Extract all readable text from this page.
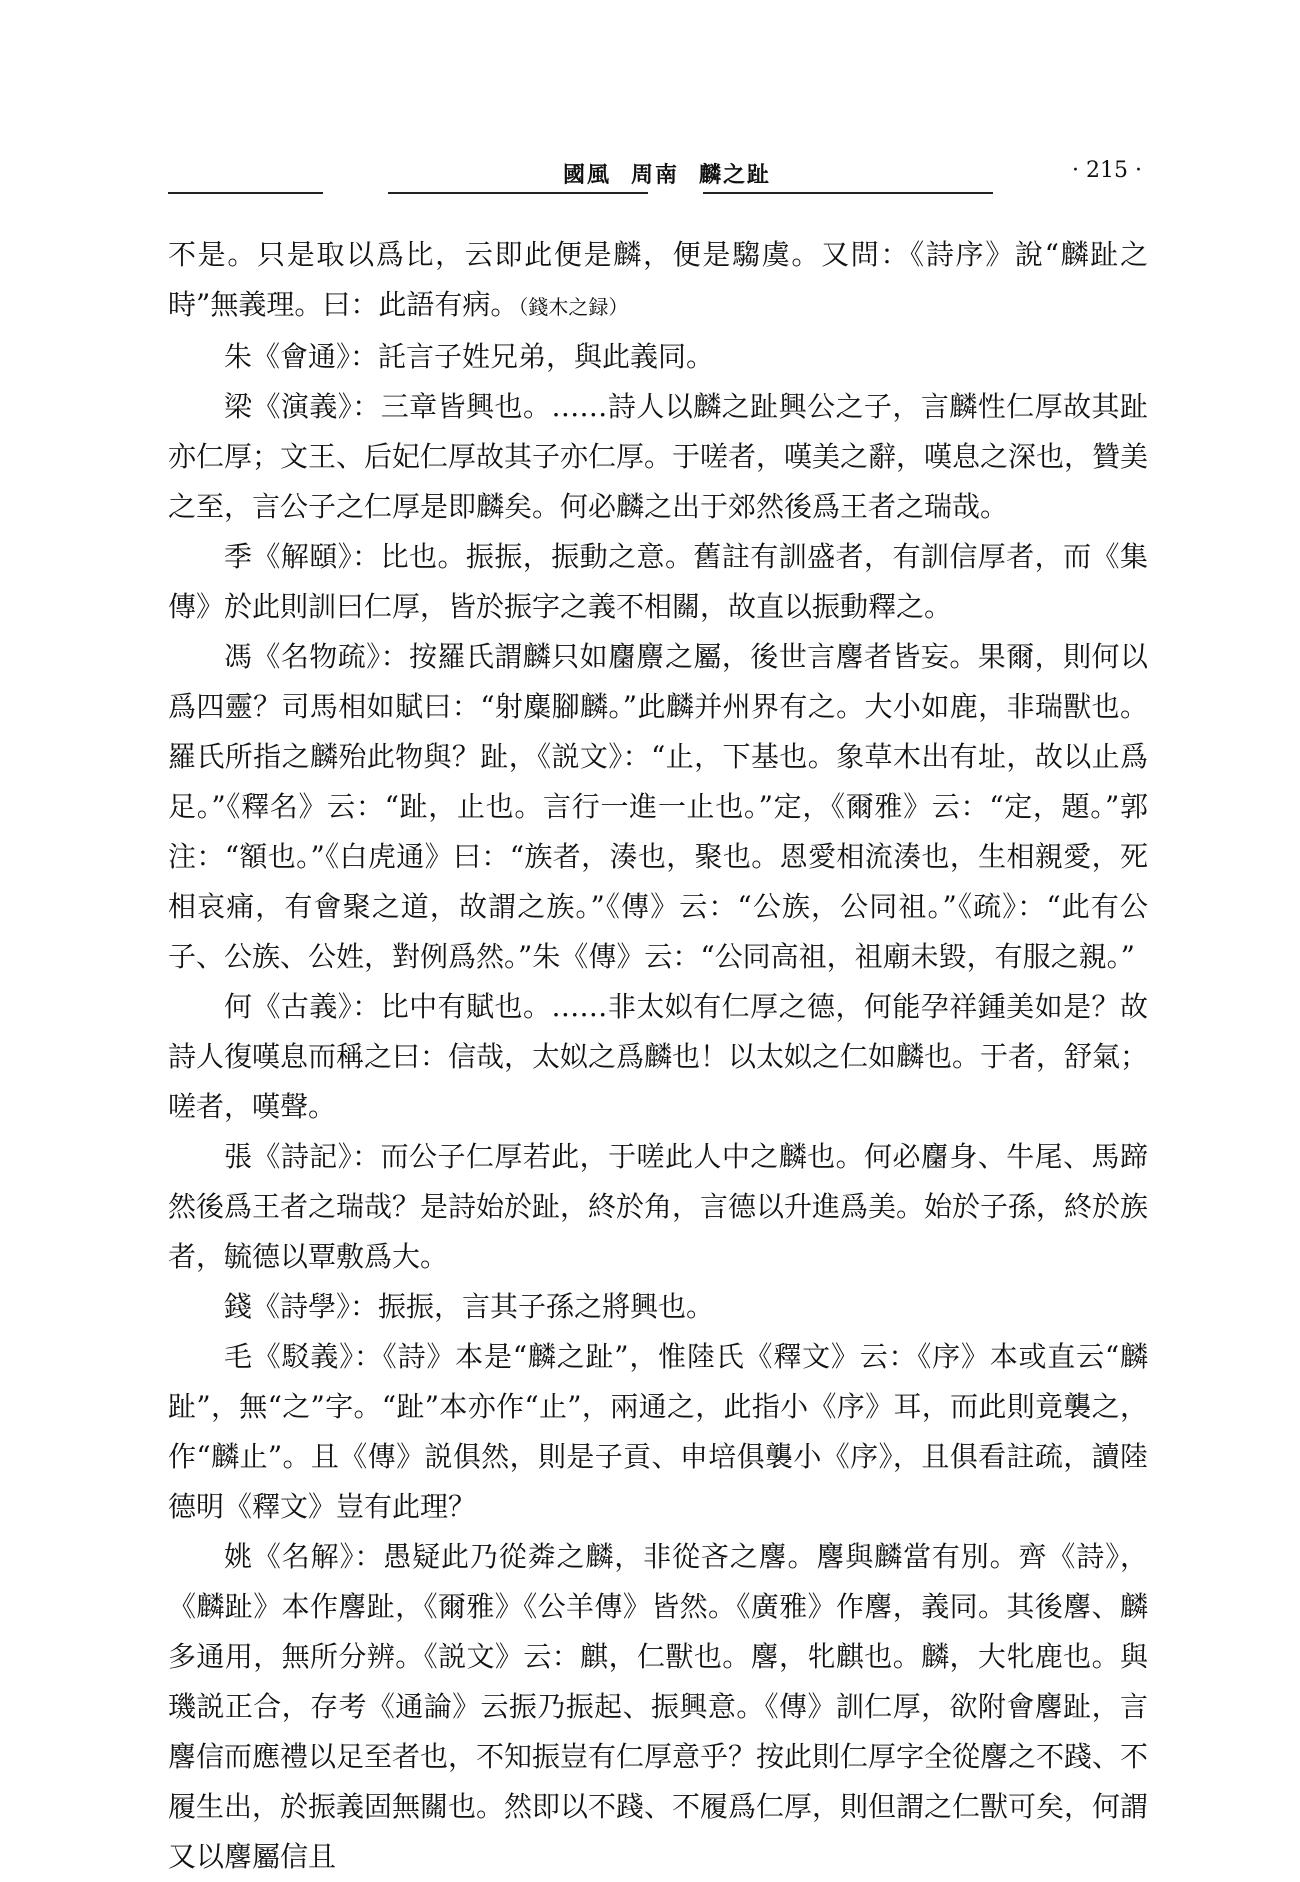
國風 周南 麟之趾	· 215 ·

不是。只是取以爲比，云即此便是麟，便是騶虞。又問：《詩序》說“麟趾之時”無義理。曰：此語有病。（錢木之録）

朱《會通》：託言子姓兄弟，與此義同。

梁《演義》：三章皆興也。……詩人以麟之趾興公之子，言麟性仁厚故其趾亦仁厚；文王、后妃仁厚故其子亦仁厚。于嗟者，嘆美之辭，嘆息之深也，贊美之至，言公子之仁厚是即麟矣。何必麟之出于郊然後爲王者之瑞哉。

季《解頤》：比也。振振，振動之意。舊註有訓盛者，有訓信厚者，而《集傳》於此則訓曰仁厚，皆於振字之義不相關，故直以振動釋之。

馮《名物疏》：按羅氏謂麟只如麕麖之屬，後世言麐者皆妄。果爾，則何以爲四靈？司馬相如賦曰：“射麋腳麟。”此麟并州界有之。大小如鹿，非瑞獸也。羅氏所指之麟殆此物與？趾，《説文》：“止，下基也。象草木出有址，故以止爲足。”《釋名》云：“趾，止也。言行一進一止也。”定，《爾雅》云：“定，題。”郭注：“額也。”《白虎通》曰：“族者，湊也，聚也。恩愛相流湊也，生相親愛，死相哀痛，有會聚之道，故謂之族。”《傳》云：“公族，公同祖。”《疏》：“此有公子、公族、公姓，對例爲然。”朱《傳》云：“公同高祖，祖廟未毀，有服之親。”

何《古義》：比中有賦也。……非太姒有仁厚之德，何能孕祥鍾美如是？故詩人復嘆息而稱之曰：信哉，太姒之爲麟也！以太姒之仁如麟也。于者，舒氣；嗟者，嘆聲。

張《詩記》：而公子仁厚若此，于嗟此人中之麟也。何必麕身、牛尾、馬蹄然後爲王者之瑞哉？是詩始於趾，終於角，言德以升進爲美。始於子孫，終於族者，毓德以覃敷爲大。

錢《詩學》：振振，言其子孫之將興也。

毛《駁義》：《詩》本是“麟之趾”，惟陸氏《釋文》云：《序》本或直云“麟趾”，無“之”字。“趾”本亦作“止”，兩通之，此指小《序》耳，而此則竟襲之，作“麟止”。且《傳》説俱然，則是子貢、申培俱襲小《序》，且俱看註疏，讀陸德明《釋文》豈有此理？

姚《名解》：愚疑此乃從粦之麟，非從吝之麐。麐與麟當有別。齊《詩》，《麟趾》本作麐趾，《爾雅》《公羊傳》皆然。《廣雅》作麐，義同。其後麐、麟多通用，無所分辨。《説文》云：麒，仁獸也。麐，牝麒也。麟，大牝鹿也。與璣説正合，存考《通論》云振乃振起、振興意。《傳》訓仁厚，欲附會麐趾，言麐信而應禮以足至者也，不知振豈有仁厚意乎？按此則仁厚字全從麐之不踐、不履生出，於振義固無關也。然即以不踐、不履爲仁厚，則但謂之仁獸可矣，何謂又以麐屬信且
